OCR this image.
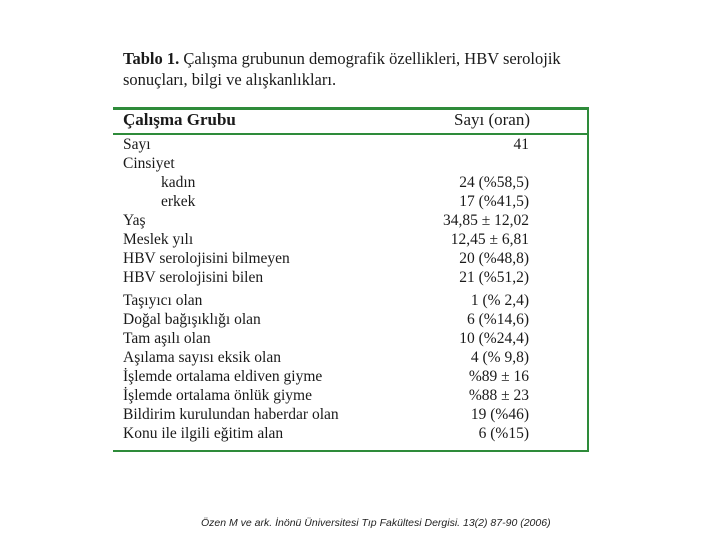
Tablo 1. Çalışma grubunun demografik özellikleri, HBV serolojik sonuçları, bilgi ve alışkanlıkları.
Çalışma Grubu	Sayı (oran)
Sayı	41
Cinsiyet
kadın	24 (%58,5)
erkek	17 (%41,5)
Yaş	34,85 ± 12,02
Meslek yılı	12,45 ± 6,81
HBV serolojisini bilmeyen	20 (%48,8)
HBV serolojisini bilen	21 (%51,2)
Taşıyıcı olan	1 (% 2,4)
Doğal bağışıklığı olan	6 (%14,6)
Tam aşılı olan	10 (%24,4)
Aşılama sayısı eksik olan	4 (% 9,8)
İşlemde ortalama eldiven giyme	%89 ± 16
İşlemde ortalama önlük giyme	%88 ± 23
Bildirim kurulundan haberdar olan	19 (%46)
Konu ile ilgili eğitim alan	6 (%15)
Özen M ve ark. İnönü Üniversitesi Tıp Fakültesi Dergisi. 13(2) 87-90 (2006)
